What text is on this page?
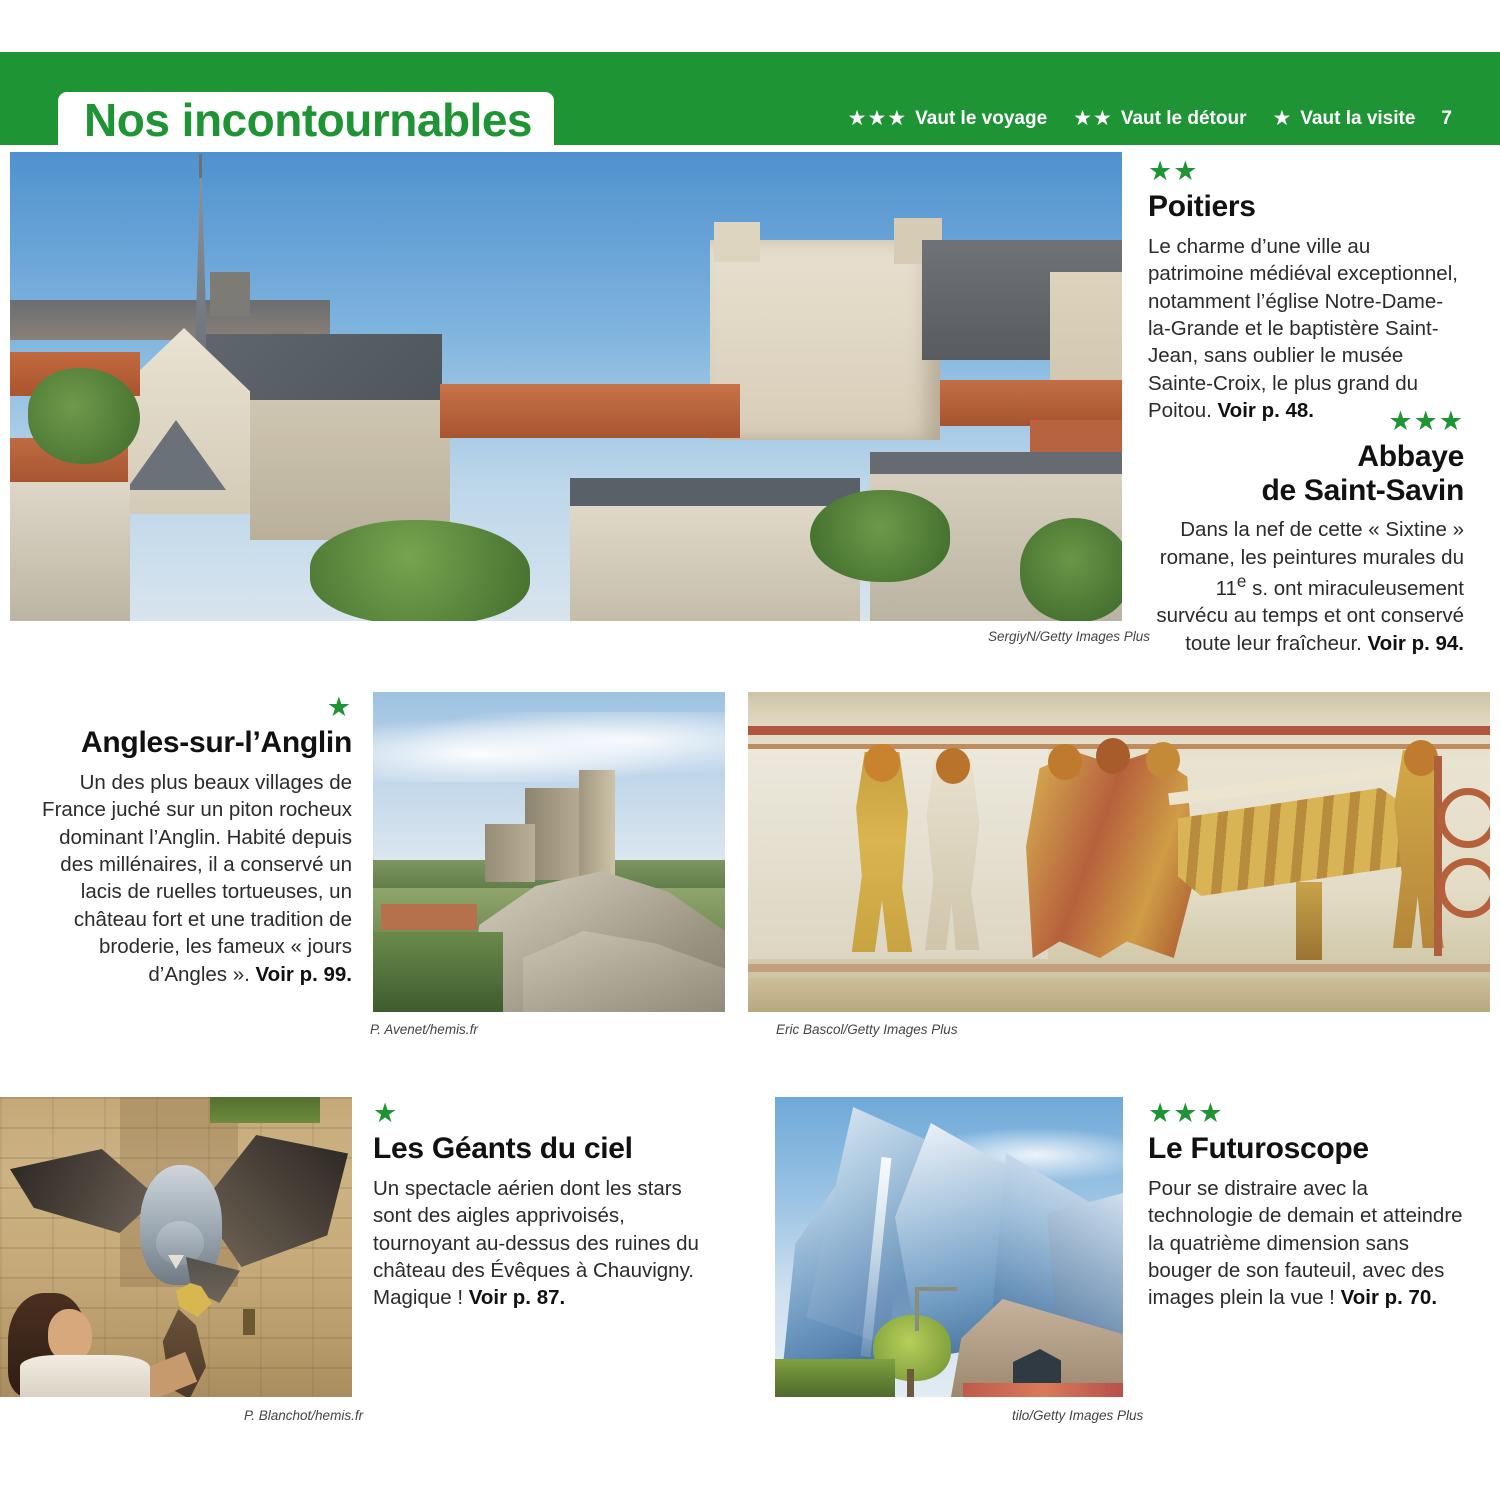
Nos incontournables	★ ★ ★ Vaut le voyage ★ ★ Vaut le détour ★ Vaut la visite 7
SergiyN/Getty Images Plus
★★
Poitiers

Le charme d’une ville au patrimoine médiéval exceptionnel, notamment l’église Notre-Dame-la-Grande et le baptistère Saint-Jean, sans oublier le musée Sainte-Croix, le plus grand du Poitou. Voir p. 48.	★★★
Abbaye
de Saint-Savin

Dans la nef de cette « Sixtine » romane, les peintures murales du 11e s. ont miraculeusement survécu au temps et ont conservé toute leur fraîcheur. Voir p. 94.

★
Angles-sur-l’Anglin

Un des plus beaux villages de France juché sur un piton rocheux dominant l’Anglin. Habité depuis des millénaires, il a conservé un lacis de ruelles tortueuses, un château fort et une tradition de broderie, les fameux « jours d’Angles ». Voir p. 99.

P. Avenet/hemis.fr	Eric Bascol/Getty Images Plus
P. Blanchot/hemis.fr
★
Les Géants du ciel

Un spectacle aérien dont les stars sont des aigles apprivoisés, tournoyant au-dessus des ruines du château des Évêques à Chauvigny. Magique ! Voir p. 87.

tilo/Getty Images Plus
★★★
Le Futuroscope

Pour se distraire avec la technologie de demain et atteindre la quatrième dimension sans bouger de son fauteuil, avec des images plein la vue ! Voir p. 70.
